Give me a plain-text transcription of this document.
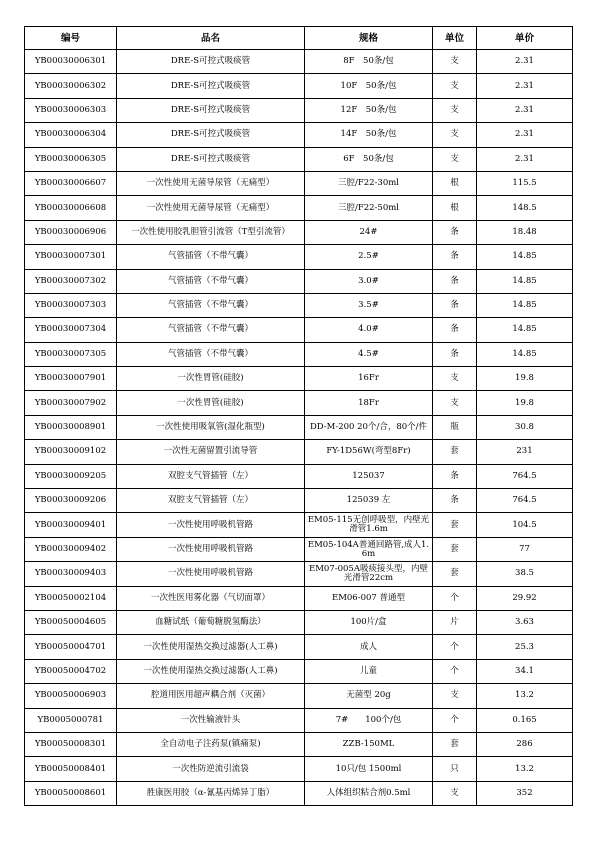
编号	品名	规格	单位	单价
YB00030006301	DRE-S可控式吸痰管	8F　50条/包	支	2.31
YB00030006302	DRE-S可控式吸痰管	10F　50条/包	支	2.31
YB00030006303	DRE-S可控式吸痰管	12F　50条/包	支	2.31
YB00030006304	DRE-S可控式吸痰管	14F　50条/包	支	2.31
YB00030006305	DRE-S可控式吸痰管	6F　50条/包	支	2.31
YB00030006607	一次性使用无菌导尿管（无痛型）	三腔/F22-30ml	根	115.5
YB00030006608	一次性使用无菌导尿管（无痛型）	三腔/F22-50ml	根	148.5
YB00030006906	一次性使用胶乳胆管引流管（T型引流管）	24#	条	18.48
YB00030007301	气管插管（不带气囊）	2.5#	条	14.85
YB00030007302	气管插管（不带气囊）	3.0#	条	14.85
YB00030007303	气管插管（不带气囊）	3.5#	条	14.85
YB00030007304	气管插管（不带气囊）	4.0#	条	14.85
YB00030007305	气管插管（不带气囊）	4.5#	条	14.85
YB00030007901	一次性胃管(硅胶)	16Fr	支	19.8
YB00030007902	一次性胃管(硅胶)	18Fr	支	19.8
YB00030008901	一次性使用吸氧管(湿化瓶型)	DD-M-200 20个/合，80个/件	瓶	30.8
YB00030009102	一次性无菌留置引流导管	FY-1D56W(弯型8Fr)	套	231
YB00030009205	双腔支气管插管（左）	125037	条	764.5
YB00030009206	双腔支气管插管（左）	125039 左	条	764.5
YB00030009401	一次性使用呼吸机管路	EM05-115无创呼吸型，内壁光滑管1.6m	套	104.5
YB00030009402	一次性使用呼吸机管路	EM05-104A普通回路管,成人1.6m	套	77
YB00030009403	一次性使用呼吸机管路	EM07-005A吸痰接头型，内壁光滑管22cm	套	38.5
YB00050002104	一次性医用雾化器（气切面罩）	EM06-007 普通型	个	29.92
YB00050004605	血糖试纸（葡萄糖脱氢酶法）	100片/盒	片	3.63
YB00050004701	一次性使用湿热交换过滤器(人工鼻)	成人	个	25.3
YB00050004702	一次性使用湿热交换过滤器(人工鼻)	儿童	个	34.1
YB00050006903	腔道用医用超声耦合剂（灭菌）	无菌型 20g	支	13.2
YB0005000781	一次性输液针头	7#　　100个/包	个	0.165
YB00050008301	全自动电子注药泵(镇痛泵)	ZZB-150ML	套	286
YB00050008401	一次性防逆流引流袋	10只/包 1500ml	只	13.2
YB00050008601	胜康医用胶（α-氰基丙烯异丁脂）	人体组织粘合剂0.5ml	支	352
